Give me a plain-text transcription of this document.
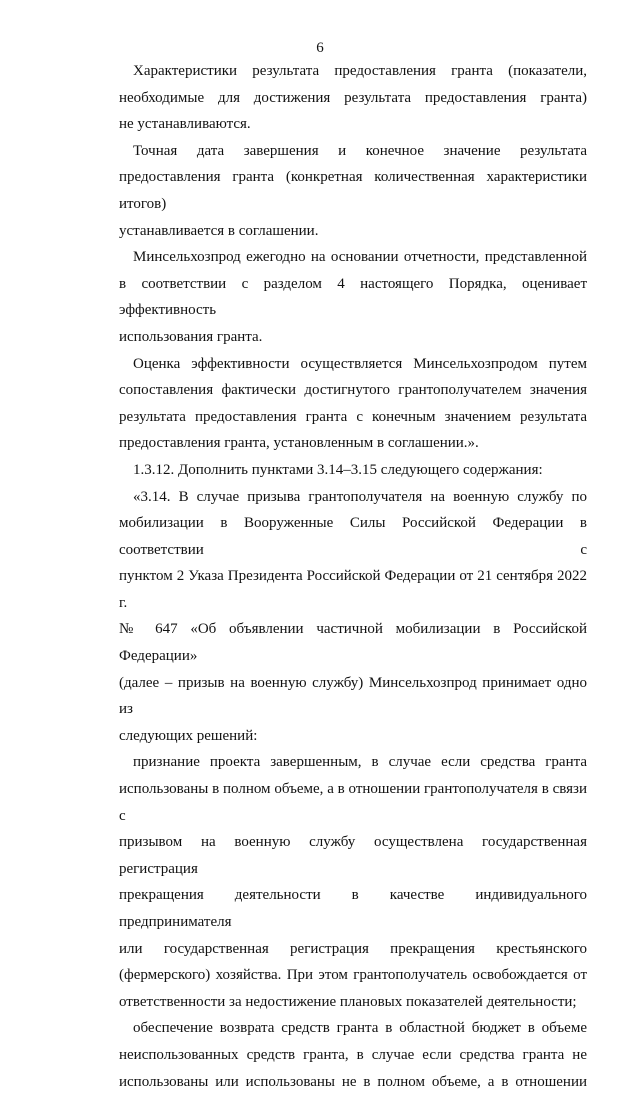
6
Характеристики результата предоставления гранта (показатели,
необходимые для достижения результата предоставления гранта)
не устанавливаются.
Точная дата завершения и конечное значение результата
предоставления гранта (конкретная количественная характеристики итогов)
устанавливается в соглашении.
Минсельхозпрод ежегодно на основании отчетности, представленной
в соответствии с разделом 4 настоящего Порядка, оценивает эффективность
использования гранта.
Оценка эффективности осуществляется Минсельхозпродом путем
сопоставления фактически достигнутого грантополучателем значения
результата предоставления гранта с конечным значением результата
предоставления гранта, установленным в соглашении.».
1.3.12. Дополнить пунктами 3.14–3.15 следующего содержания:
«3.14. В случае призыва грантополучателя на военную службу по
мобилизации в Вооруженные Силы Российской Федерации в соответствии с
пунктом 2 Указа Президента Российской Федерации от 21 сентября 2022 г.
№ 647 «Об объявлении частичной мобилизации в Российской Федерации»
(далее – призыв на военную службу) Минсельхозпрод принимает одно из
следующих решений:
признание проекта завершенным, в случае если средства гранта
использованы в полном объеме, а в отношении грантополучателя в связи с
призывом на военную службу осуществлена государственная регистрация
прекращения деятельности в качестве индивидуального предпринимателя
или государственная регистрация прекращения крестьянского
(фермерского) хозяйства. При этом грантополучатель освобождается от
ответственности за недостижение плановых показателей деятельности;
обеспечение возврата средств гранта в областной бюджет в объеме
неиспользованных средств гранта, в случае если средства гранта не
использованы или использованы не в полном объеме, а в отношении
